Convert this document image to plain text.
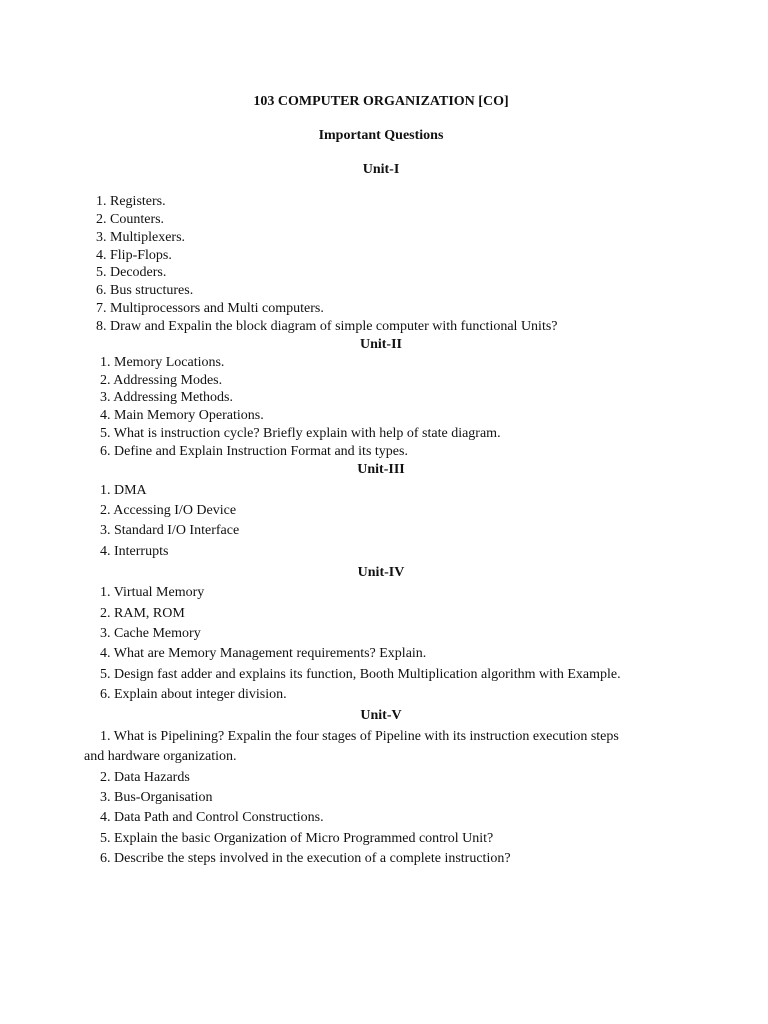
103 COMPUTER ORGANIZATION [CO]
Important Questions
Unit-I
1. Registers.
2. Counters.
3. Multiplexers.
4. Flip-Flops.
5. Decoders.
6. Bus structures.
7. Multiprocessors and Multi computers.
8. Draw and Expalin the block diagram of simple computer with functional Units?
Unit-II
1. Memory Locations.
2. Addressing Modes.
3. Addressing Methods.
4. Main Memory Operations.
5. What is instruction cycle? Briefly explain with help of state diagram.
6. Define and Explain Instruction Format and its types.
Unit-III
1. DMA
2. Accessing I/O Device
3. Standard I/O Interface
4. Interrupts
Unit-IV
1. Virtual Memory
2. RAM, ROM
3. Cache Memory
4. What are Memory Management requirements? Explain.
5. Design fast adder and explains its function, Booth Multiplication algorithm with Example.
6. Explain about integer division.
Unit-V
1. What is Pipelining? Expalin the four stages of Pipeline with its instruction execution steps
and hardware organization.
2. Data Hazards
3. Bus-Organisation
4. Data Path and Control Constructions.
5. Explain the basic Organization of Micro Programmed control Unit?
6. Describe the steps involved in the execution of a complete instruction?
